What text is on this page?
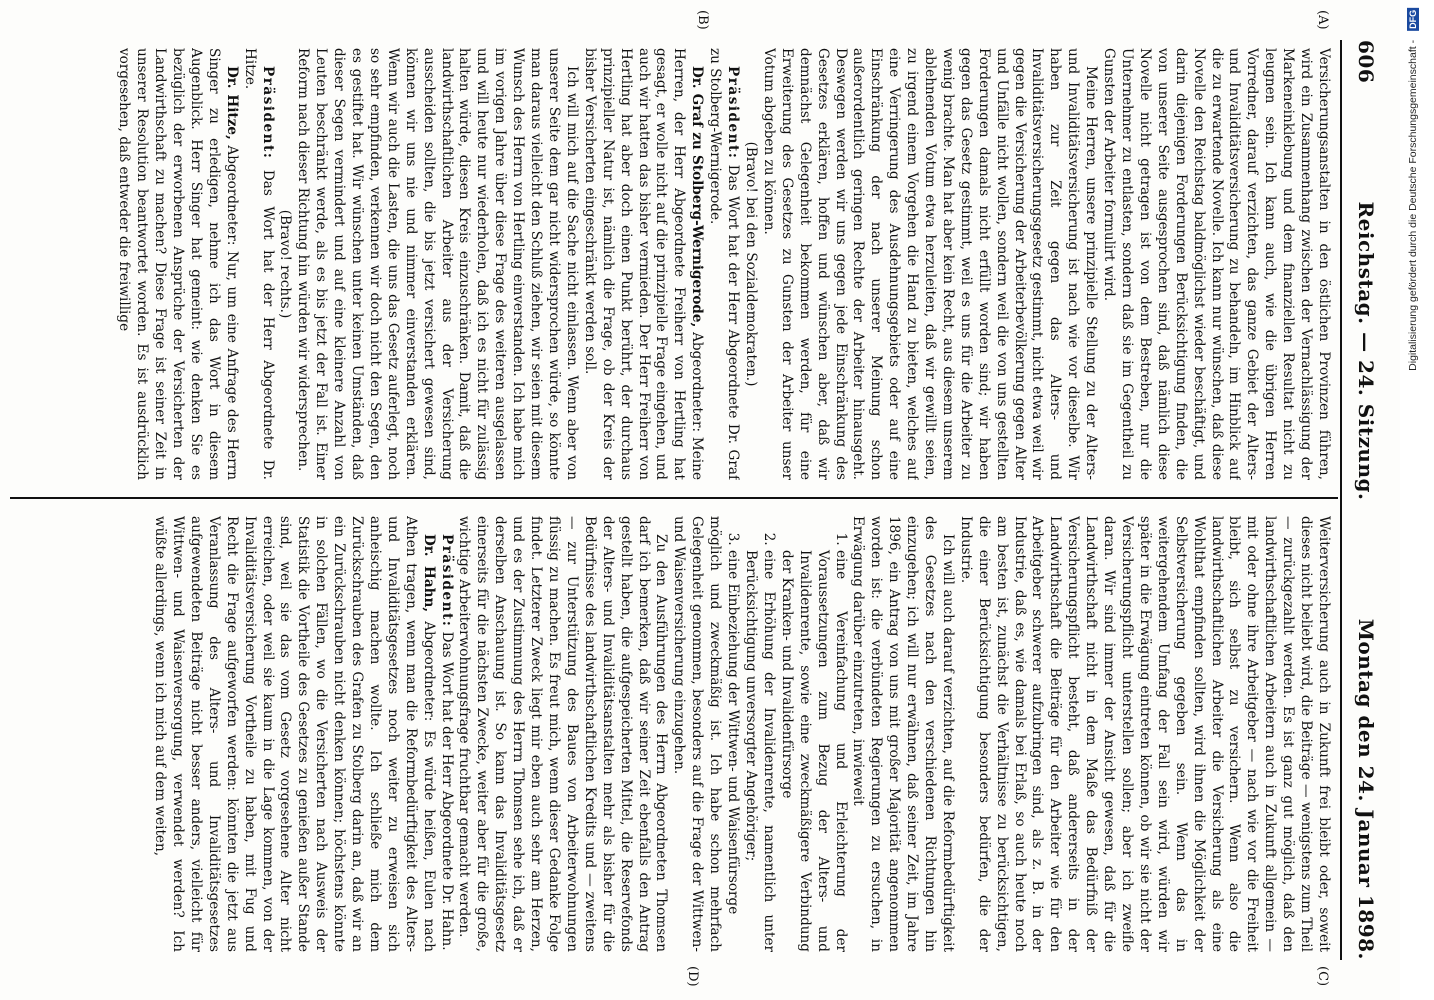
606
Reichstag. — 24. Sitzung.
Montag den 24. Januar 1898.
(A)
(B)
(C)
(D)

Versicherungsanstalten in den östlichen Provinzen führen, wird ein Zusammenhang zwischen der Vernachlässigung der Markeneinklebung und dem finanziellen Resultat nicht zu leugnen sein. Ich kann auch, wie die übrigen Herren Vorredner, darauf verzichten, das ganze Gebiet der Alters- und Invaliditätsversicherung zu behandeln, im Hinblick auf die zu erwartende Novelle. Ich kann nur wünschen, daß diese Novelle den Reichstag baldmöglichst wieder beschäftigt, und darin diejenigen Forderungen Berücksichtigung finden, die von unserer Seite ausgesprochen sind, daß nämlich diese Novelle nicht getragen ist von dem Bestreben, nur die Unternehmer zu entlasten, sondern daß sie im Gegentheil zu Gunsten der Arbeiter formulirt wird.

Meine Herren, unsere prinzipielle Stellung zu der Alters- und Invaliditätsversicherung ist nach wie vor dieselbe. Wir haben zur Zeit gegen das Alters- und Invaliditätsversicherungsgesetz gestimmt, nicht etwa weil wir gegen die Versicherung der Arbeiterbevölkerung gegen Alter und Unfälle nicht wollen, sondern weil die von uns gestellten Forderungen damals nicht erfüllt worden sind; wir haben gegen das Gesetz gestimmt, weil es uns für die Arbeiter zu wenig brachte. Man hat aber kein Recht, aus diesem unserem ablehnenden Votum etwa herzuleiten, daß wir gewillt seien, zu irgend einem Vorgehen die Hand zu bieten, welches auf eine Verringerung des Ausdehnungsgebiets oder auf eine Einschränkung der nach unserer Meinung schon außerordentlich geringen Rechte der Arbeiter hinausgeht. Deswegen werden wir uns gegen jede Einschränkung des Gesetzes erklären, hoffen und wünschen aber, daß wir demnächst Gelegenheit bekommen werden, für eine Erweiterung des Gesetzes zu Gunsten der Arbeiter unser Votum abgeben zu können.

(Bravo! bei den Sozialdemokraten.)

Präsident: Das Wort hat der Herr Abgeordnete Dr. Graf zu Stolberg-Wernigerode.

Dr. Graf zu Stolberg-Wernigerode, Abgeordneter: Meine Herren, der Herr Abgeordnete Freiherr von Hertling hat gesagt, er wolle nicht auf die prinzipielle Frage eingehen, und auch wir hatten das bisher vermieden. Der Herr Freiherr von Hertling hat aber doch einen Punkt berührt, der durchaus prinzipieller Natur ist, nämlich die Frage, ob der Kreis der bisher Versicherten eingeschränkt werden soll.

Ich will mich auf die Sache nicht einlassen. Wenn aber von unserer Seite dem gar nicht widersprochen würde, so könnte man daraus vielleicht den Schluß ziehen, wir seien mit diesem Wunsch des Herrn von Hertling einverstanden. Ich habe mich im vorigen Jahre über diese Frage des weiteren ausgelassen und will heute nur wiederholen, daß ich es nicht für zulässig halten würde, diesen Kreis einzuschränken. Damit, daß die landwirthschaftlichen Arbeiter aus der Versicherung ausscheiden sollten, die bis jetzt versichert gewesen sind, können wir uns nie und nimmer einverstanden erklären. Wenn wir auch die Lasten, die uns das Gesetz auferlegt, noch so sehr empfinden, verkennen wir doch nicht den Segen, den es gestiftet hat. Wir wünschen unter keinen Umständen, daß dieser Segen vermindert und auf eine kleinere Anzahl von Leuten beschränkt werde, als es bis jetzt der Fall ist. Einer Reform nach dieser Richtung hin würden wir widersprechen.

(Bravo! rechts.)

Präsident: Das Wort hat der Herr Abgeordnete Dr. Hitze.

Dr. Hitze, Abgeordneter: Nur, um eine Anfrage des Herrn Singer zu erledigen, nehme ich das Wort in diesem Augenblick. Herr Singer hat gemeint: wie denken Sie es bezüglich der erworbenen Ansprüche der Versicherten der Landwirthschaft zu machen? Diese Frage ist seiner Zeit in unserer Resolution beantwortet worden. Es ist ausdrücklich vorgesehen, daß entweder die freiwillige

Weiterversicherung auch in Zukunft frei bleibt oder, soweit dieses nicht beliebt wird, die Beiträge — wenigstens zum Theil — zurückgezahlt werden. Es ist ganz gut möglich, daß den landwirthschaftlichen Arbeitern auch in Zukunft allgemein — mit oder ohne ihre Arbeitgeber — nach wie vor die Freiheit bleibt, sich selbst zu versichern. Wenn also die landwirthschaftlichen Arbeiter die Versicherung als eine Wohlthat empfinden sollten, wird ihnen die Möglichkeit der Selbstversicherung gegeben sein. Wenn das in weitergehendem Umfang der Fall sein wird, würden wir später in die Erwägung eintreten können, ob wir sie nicht der Versicherungspflicht unterstellen sollen; aber ich zweifle daran. Wir sind immer der Ansicht gewesen, daß für die Landwirthschaft nicht in dem Maße das Bedürfniß der Versicherungspflicht besteht, daß andererseits in der Landwirthschaft die Beiträge für den Arbeiter wie für den Arbeitgeber schwerer aufzubringen sind, als z. B. in der Industrie, daß es, wie damals bei Erlaß, so auch heute noch am besten ist, zunächst die Verhältnisse zu berücksichtigen, die einer Berücksichtigung besonders bedürfen, die der Industrie.

Ich will auch darauf verzichten, auf die Reformbedürftigkeit des Gesetzes nach den verschiedenen Richtungen hin einzugehen; ich will nur erwähnen, daß seiner Zeit, im Jahre 1896, ein Antrag von uns mit großer Majorität angenommen worden ist: die verbündeten Regierungen zu ersuchen, in Erwägung darüber einzutreten, inwieweit

1. eine Vereinfachung und Erleichterung der Voraussetzungen zum Bezug der Alters- und Invalidenrente, sowie eine zweckmäßigere Verbindung der Kranken- und Invalidenfürsorge
2. eine Erhöhung der Invalidenrente, namentlich unter Berücksichtigung unversorgter Angehöriger;
3. eine Einbeziehung der Wittwen- und Waisenfürsorge

möglich und zweckmäßig ist. Ich habe schon mehrfach Gelegenheit genommen, besonders auf die Frage der Wittwen- und Waisenversicherung einzugehen.

Zu den Ausführungen des Herrn Abgeordneten Thomsen darf ich bemerken, daß wir seiner Zeit ebenfalls den Antrag gestellt haben, die aufgespeicherten Mittel, die Reservefonds der Alters- und Invaliditätsanstalten mehr als bisher für die Bedürfnisse des landwirthschaftlichen Kredits und — zweitens — zur Unterstützung des Baues von Arbeiterwohnungen flüssig zu machen. Es freut mich, wenn dieser Gedanke Folge findet. Letzterer Zweck liegt mir eben auch sehr am Herzen, und es der Zustimmung des Herrn Thomsen sehe ich, daß er derselben Anschauung ist. So kann das Invaliditätsgesetz einerseits für die nächsten Zwecke, weiter aber für die große, wichtige Arbeiterwohnungsfrage fruchtbar gemacht werden.

Präsident: Das Wort hat der Herr Abgeordnete Dr. Hahn.

Dr. Hahn, Abgeordneter: Es würde heißen, Eulen nach Athen tragen, wenn man die Reformbedürftigkeit des Alters- und Invaliditätsgesetzes noch weiter zu erweisen sich anheischig machen wollte. Ich schließe mich dem Zurückschrauben des Grafen zu Stolberg darin an, daß wir an ein Zurückschrauben nicht denken können; höchstens könnte in solchen Fällen, wo die Versicherten nach Ausweis der Statistik die Vortheile des Gesetzes zu genießen außer Stande sind, weil sie das vom Gesetz vorgesehene Alter nicht erreichen, oder weil sie kaum in die Lage kommen, von der Invaliditätsversicherung Vortheile zu haben, mit Fug und Recht die Frage aufgeworfen werden: könnten die jetzt aus Veranlassung des Alters- und Invaliditätsgesetzes aufgewendeten Beiträge nicht besser anders, vielleicht für Wittwen- und Waisenversorgung, verwendet werden? Ich wüßte allerdings, wenn ich mich auf dem weiten,

Digitalisierung gefördert durch die Deutsche Forschungsgemeinschaft - DFG
